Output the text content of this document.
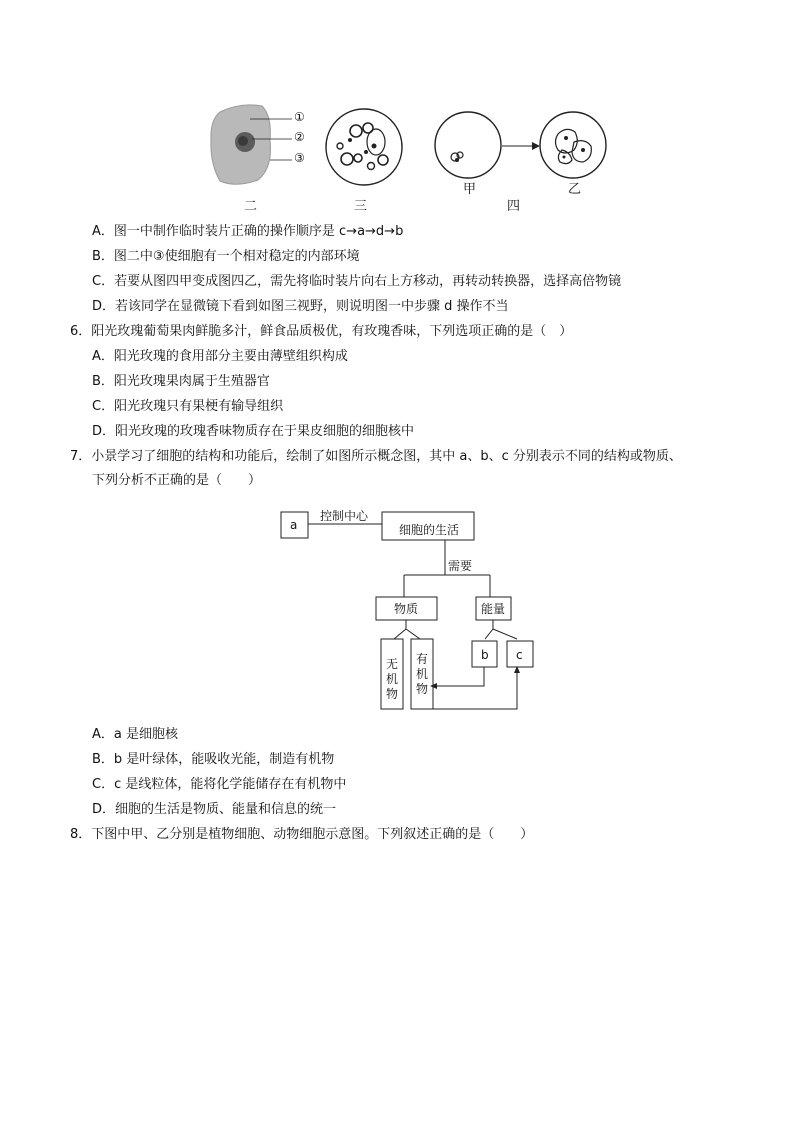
①
②
③
二	三
甲	乙
四
A．图一中制作临时装片正确的操作顺序是 c→a→d→b
B．图二中③使细胞有一个相对稳定的内部环境
C．若要从图四甲变成图四乙，需先将临时装片向右上方移动，再转动转换器，选择高倍物镜
D．若该同学在显微镜下看到如图三视野，则说明图一中步骤 d 操作不当
6．阳光玫瑰葡萄果肉鲜脆多汁，鲜食品质极优，有玫瑰香味，下列选项正确的是（　）
A．阳光玫瑰的食用部分主要由薄壁组织构成
B．阳光玫瑰果肉属于生殖器官
C．阳光玫瑰只有果梗有输导组织
D．阳光玫瑰的玫瑰香味物质存在于果皮细胞的细胞核中
7．小景学习了细胞的结构和功能后，绘制了如图所示概念图，其中 a、b、c 分别表示不同的结构或物质、
下列分析不正确的是（　　）
a
控制中心
细胞的生活
需要
物质	能量
无
机
物
有
机
物
b c
A．a 是细胞核
B．b 是叶绿体，能吸收光能，制造有机物
C．c 是线粒体，能将化学能储存在有机物中
D．细胞的生活是物质、能量和信息的统一
8．下图中甲、乙分别是植物细胞、动物细胞示意图。下列叙述正确的是（　　）
